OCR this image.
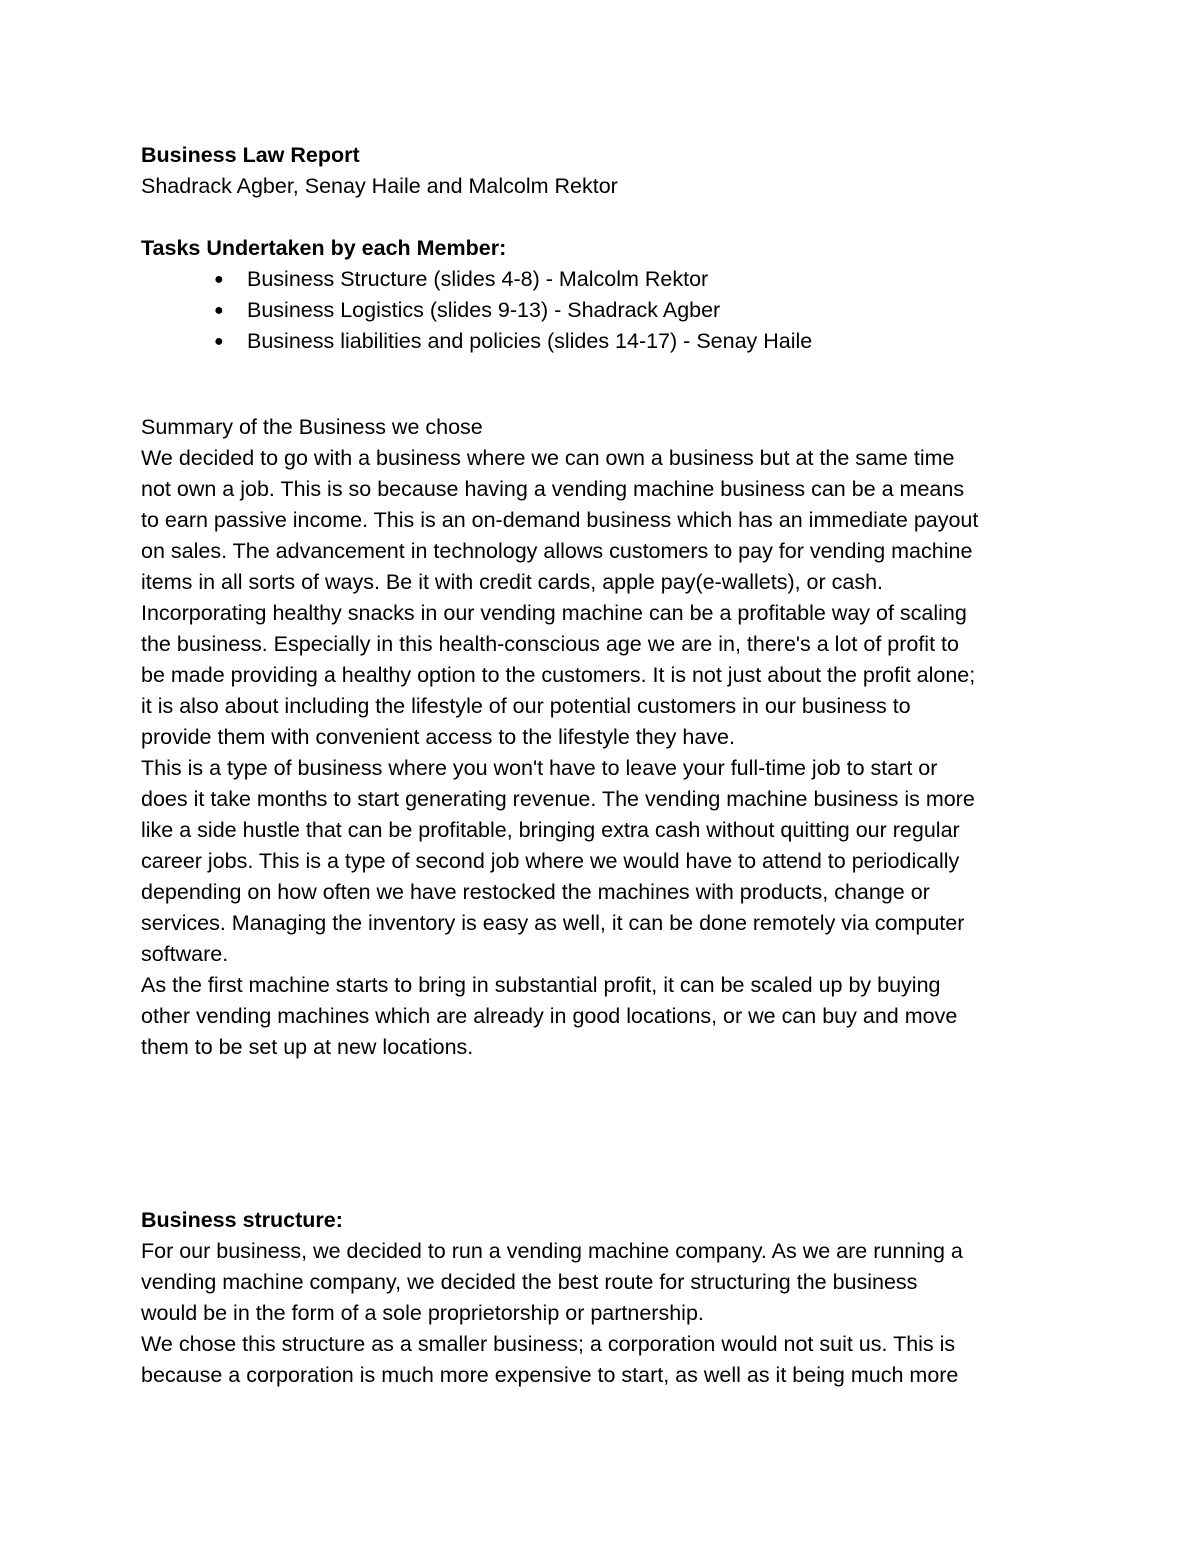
Business Law Report
Shadrack Agber, Senay Haile and Malcolm Rektor
Tasks Undertaken by each Member:
● Business Structure (slides 4-8) - Malcolm Rektor
● Business Logistics (slides 9-13) - Shadrack Agber
● Business liabilities and policies (slides 14-17) - Senay Haile
Summary of the Business we chose
We decided to go with a business where we can own a business but at the same time
not own a job. This is so because having a vending machine business can be a means
to earn passive income. This is an on-demand business which has an immediate payout
on sales. The advancement in technology allows customers to pay for vending machine
items in all sorts of ways. Be it with credit cards, apple pay(e-wallets), or cash.
Incorporating healthy snacks in our vending machine can be a profitable way of scaling
the business. Especially in this health-conscious age we are in, there's a lot of profit to
be made providing a healthy option to the customers. It is not just about the profit alone;
it is also about including the lifestyle of our potential customers in our business to
provide them with convenient access to the lifestyle they have.
This is a type of business where you won't have to leave your full-time job to start or
does it take months to start generating revenue. The vending machine business is more
like a side hustle that can be profitable, bringing extra cash without quitting our regular
career jobs. This is a type of second job where we would have to attend to periodically
depending on how often we have restocked the machines with products, change or
services. Managing the inventory is easy as well, it can be done remotely via computer
software.
As the first machine starts to bring in substantial profit, it can be scaled up by buying
other vending machines which are already in good locations, or we can buy and move
them to be set up at new locations.
Business structure:
For our business, we decided to run a vending machine company. As we are running a
vending machine company, we decided the best route for structuring the business
would be in the form of a sole proprietorship or partnership.
We chose this structure as a smaller business; a corporation would not suit us. This is
because a corporation is much more expensive to start, as well as it being much more
